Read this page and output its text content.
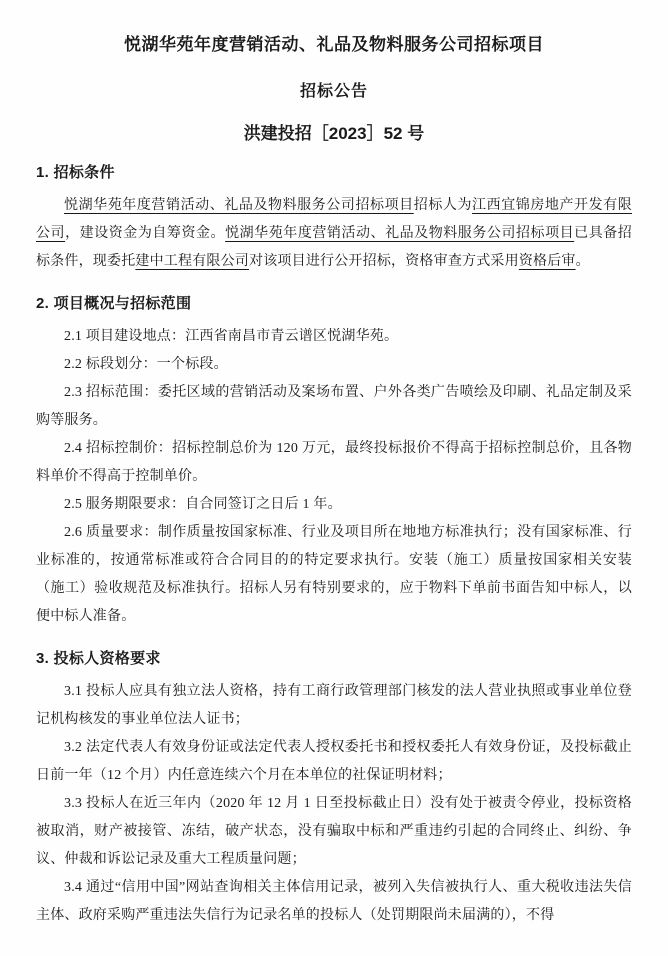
悦湖华苑年度营销活动、礼品及物料服务公司招标项目
招标公告
洪建投招［2023］52 号
1. 招标条件

悦湖华苑年度营销活动、礼品及物料服务公司招标项目招标人为江西宜锦房地产开发有限公司，建设资金为自筹资金。悦湖华苑年度营销活动、礼品及物料服务公司招标项目已具备招标条件，现委托建中工程有限公司对该项目进行公开招标，资格审查方式采用资格后审。

2. 项目概况与招标范围

2.1 项目建设地点：江西省南昌市青云谱区悦湖华苑。

2.2 标段划分：一个标段。

2.3 招标范围：委托区域的营销活动及案场布置、户外各类广告喷绘及印刷、礼品定制及采购等服务。

2.4 招标控制价：招标控制总价为 120 万元，最终投标报价不得高于招标控制总价，且各物料单价不得高于控制单价。

2.5 服务期限要求：自合同签订之日后 1 年。

2.6 质量要求：制作质量按国家标准、行业及项目所在地地方标准执行；没有国家标准、行业标准的，按通常标准或符合合同目的的特定要求执行。安装（施工）质量按国家相关安装（施工）验收规范及标准执行。招标人另有特别要求的，应于物料下单前书面告知中标人，以便中标人准备。

3. 投标人资格要求

3.1 投标人应具有独立法人资格，持有工商行政管理部门核发的法人营业执照或事业单位登记机构核发的事业单位法人证书；

3.2 法定代表人有效身份证或法定代表人授权委托书和授权委托人有效身份证，及投标截止日前一年（12 个月）内任意连续六个月在本单位的社保证明材料；

3.3 投标人在近三年内（2020 年 12 月 1 日至投标截止日）没有处于被责令停业，投标资格被取消，财产被接管、冻结，破产状态，没有骗取中标和严重违约引起的合同终止、纠纷、争议、仲裁和诉讼记录及重大工程质量问题；

3.4 通过“信用中国”网站查询相关主体信用记录，被列入失信被执行人、重大税收违法失信主体、政府采购严重违法失信行为记录名单的投标人（处罚期限尚未届满的），不得
